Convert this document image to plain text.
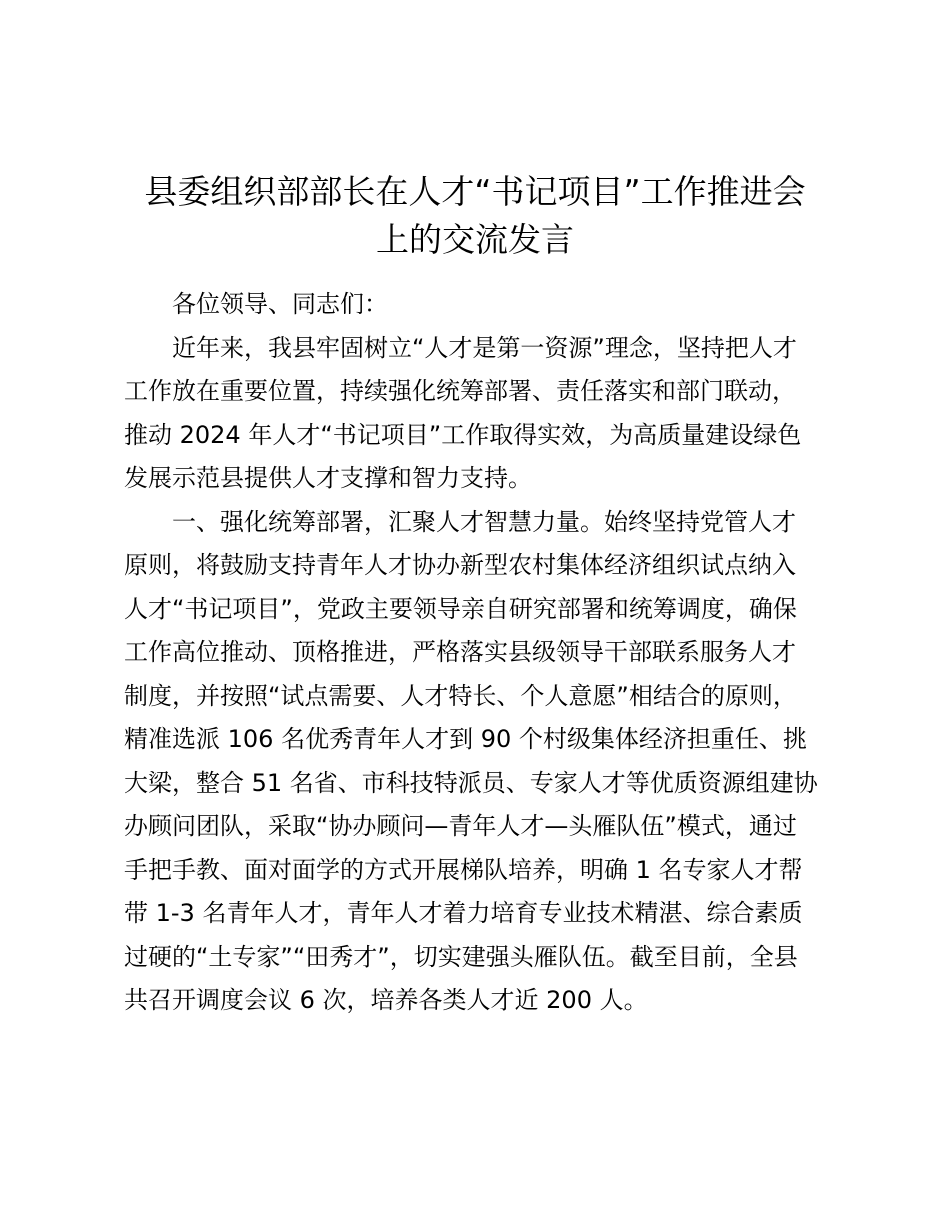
县委组织部部长在人才“书记项目”工作推进会
上的交流发言
各位领导、同志们：
近年来，我县牢固树立“人才是第一资源”理念，坚持把人才
工作放在重要位置，持续强化统筹部署、责任落实和部门联动，
推动 2024 年人才“书记项目”工作取得实效，为高质量建设绿色
发展示范县提供人才支撑和智力支持。
一、强化统筹部署，汇聚人才智慧力量。始终坚持党管人才
原则，将鼓励支持青年人才协办新型农村集体经济组织试点纳入
人才“书记项目”，党政主要领导亲自研究部署和统筹调度，确保
工作高位推动、顶格推进，严格落实县级领导干部联系服务人才
制度，并按照“试点需要、人才特长、个人意愿”相结合的原则，
精准选派 106 名优秀青年人才到 90 个村级集体经济担重任、挑
大梁，整合 51 名省、市科技特派员、专家人才等优质资源组建协
办顾问团队，采取“协办顾问—青年人才—头雁队伍”模式，通过
手把手教、面对面学的方式开展梯队培养，明确 1 名专家人才帮
带 1-3 名青年人才，青年人才着力培育专业技术精湛、综合素质
过硬的“土专家”“田秀才”，切实建强头雁队伍。截至目前，全县
共召开调度会议 6 次，培养各类人才近 200 人。
